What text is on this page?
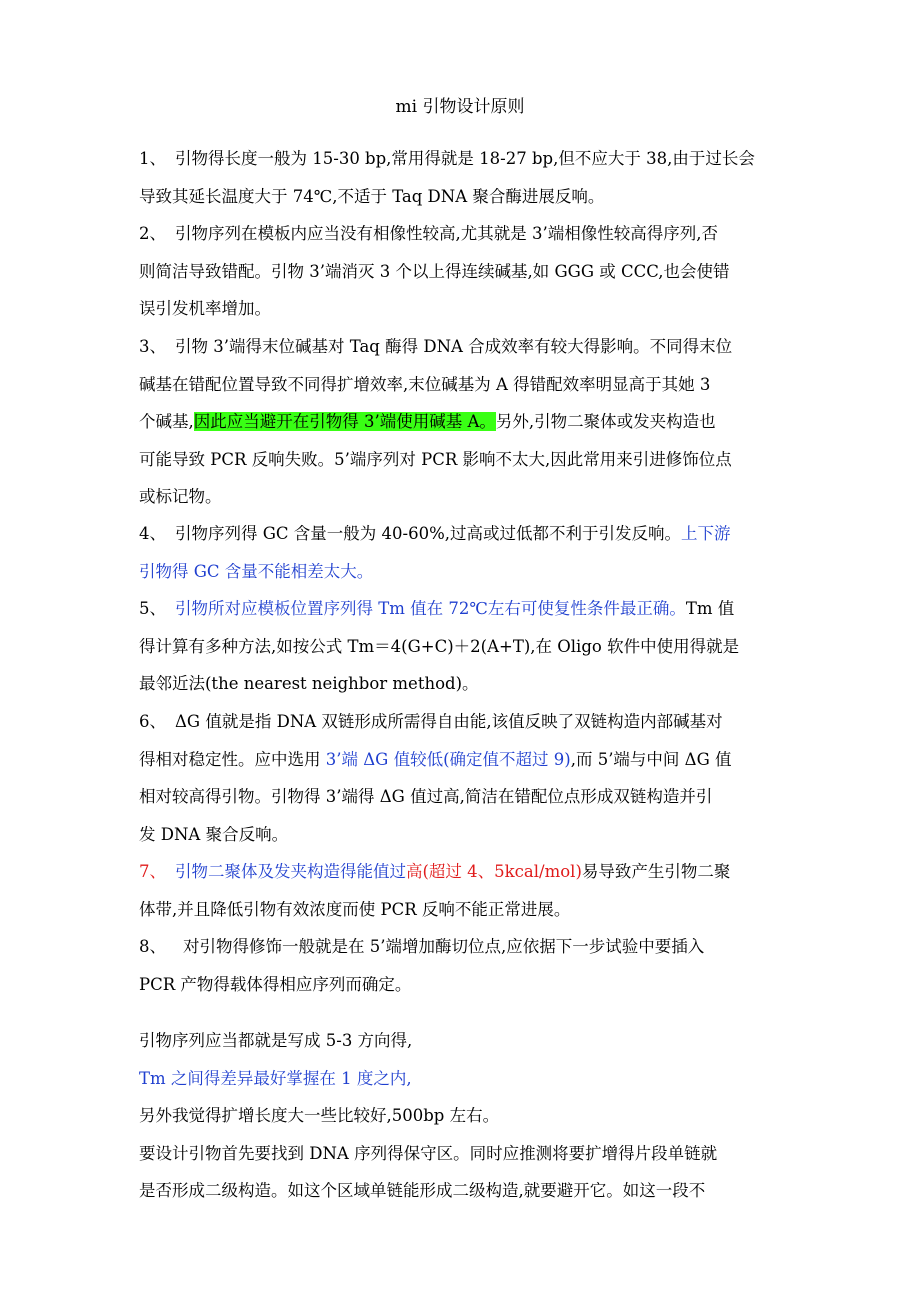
mi 引物设计原则
1、 引物得长度一般为 15-30 bp,常用得就是 18-27 bp,但不应大于 38,由于过长会
导致其延长温度大于 74℃,不适于 Taq DNA 聚合酶进展反响。
2、 引物序列在模板内应当没有相像性较高,尤其就是 3’端相像性较高得序列,否
则简洁导致错配。引物 3’端消灭 3 个以上得连续碱基,如 GGG 或 CCC,也会使错
误引发机率增加。
3、 引物 3’端得末位碱基对 Taq 酶得 DNA 合成效率有较大得影响。不同得末位
碱基在错配位置导致不同得扩增效率,末位碱基为 A 得错配效率明显高于其她 3
个碱基,因此应当避开在引物得 3’端使用碱基 A。另外,引物二聚体或发夹构造也
可能导致 PCR 反响失败。5’端序列对 PCR 影响不太大,因此常用来引进修饰位点
或标记物。
4、 引物序列得 GC 含量一般为 40-60%,过高或过低都不利于引发反响。上下游
引物得 GC 含量不能相差太大。
5、 引物所对应模板位置序列得 Tm 值在 72℃左右可使复性条件最正确。Tm 值
得计算有多种方法,如按公式 Tm＝4(G+C)＋2(A+T),在 Oligo 软件中使用得就是
最邻近法(the nearest neighbor method)。
6、 ΔG 值就是指 DNA 双链形成所需得自由能,该值反映了双链构造内部碱基对
得相对稳定性。应中选用 3’端 ΔG 值较低(确定值不超过 9),而 5’端与中间 ΔG 值
相对较高得引物。引物得 3’端得 ΔG 值过高,简洁在错配位点形成双链构造并引
发 DNA 聚合反响。
7、 引物二聚体及发夹构造得能值过高(超过 4、5kcal/mol)易导致产生引物二聚
体带,并且降低引物有效浓度而使 PCR 反响不能正常进展。
8、 对引物得修饰一般就是在 5’端增加酶切位点,应依据下一步试验中要插入
PCR 产物得载体得相应序列而确定。
引物序列应当都就是写成 5-3 方向得,
Tm 之间得差异最好掌握在 1 度之内,
另外我觉得扩增长度大一些比较好,500bp 左右。
要设计引物首先要找到 DNA 序列得保守区。同时应推测将要扩增得片段单链就
是否形成二级构造。如这个区域单链能形成二级构造,就要避开它。如这一段不
